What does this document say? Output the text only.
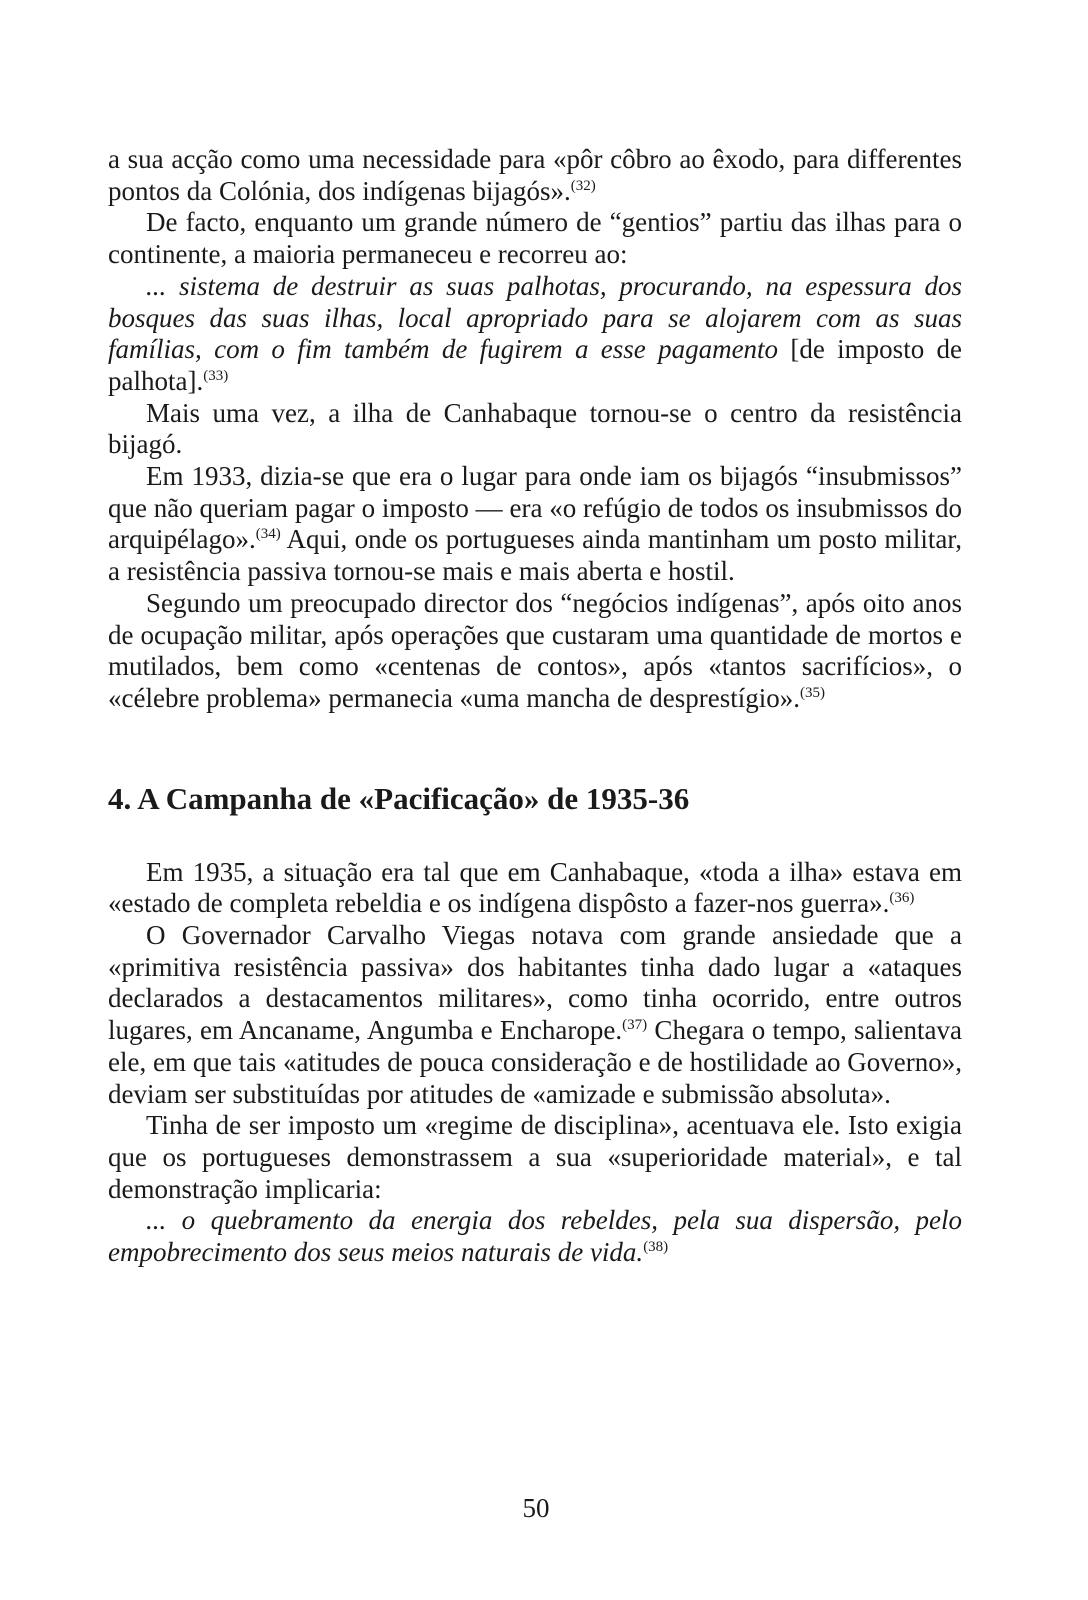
a sua acção como uma necessidade para «pôr côbro ao êxodo, para differentes pontos da Colónia, dos indígenas bijagós».$^{(32)}$

De facto, enquanto um grande número de “gentios” partiu das ilhas para o continente, a maioria permaneceu e recorreu ao:

... sistema de destruir as suas palhotas, procurando, na espessura dos bosques das suas ilhas, local apropriado para se alojarem com as suas famílias, com o fim também de fugirem a esse pagamento [de imposto de palhota].$^{(33)}$

Mais uma vez, a ilha de Canhabaque tornou-se o centro da resistência bijagó.

Em 1933, dizia-se que era o lugar para onde iam os bijagós “insubmissos” que não queriam pagar o imposto — era «o refúgio de todos os insubmissos do arquipélago».$^{(34)}$ Aqui, onde os portugueses ainda mantinham um posto militar, a resistência passiva tornou-se mais e mais aberta e hostil.

Segundo um preocupado director dos “negócios indígenas”, após oito anos de ocupação militar, após operações que custaram uma quantidade de mortos e mutilados, bem como «centenas de contos», após «tantos sacrifícios», o «célebre problema» permanecia «uma mancha de desprestígio».$^{(35)}$

4. A Campanha de «Pacificação» de 1935-36

Em 1935, a situação era tal que em Canhabaque, «toda a ilha» estava em «estado de completa rebeldia e os indígena dispôsto a fazer-nos guerra».$^{(36)}$

O Governador Carvalho Viegas notava com grande ansiedade que a «primitiva resistência passiva» dos habitantes tinha dado lugar a «ataques declarados a destacamentos militares», como tinha ocorrido, entre outros lugares, em Ancaname, Angumba e Encharope.$^{(37)}$ Chegara o tempo, salientava ele, em que tais «atitudes de pouca consideração e de hostilidade ao Governo», deviam ser substituídas por atitudes de «amizade e submissão absoluta».

Tinha de ser imposto um «regime de disciplina», acentuava ele. Isto exigia que os portugueses demonstrassem a sua «superioridade material», e tal demonstração implicaria:

... o quebramento da energia dos rebeldes, pela sua dispersão, pelo empobrecimento dos seus meios naturais de vida.$^{(38)}$

50
